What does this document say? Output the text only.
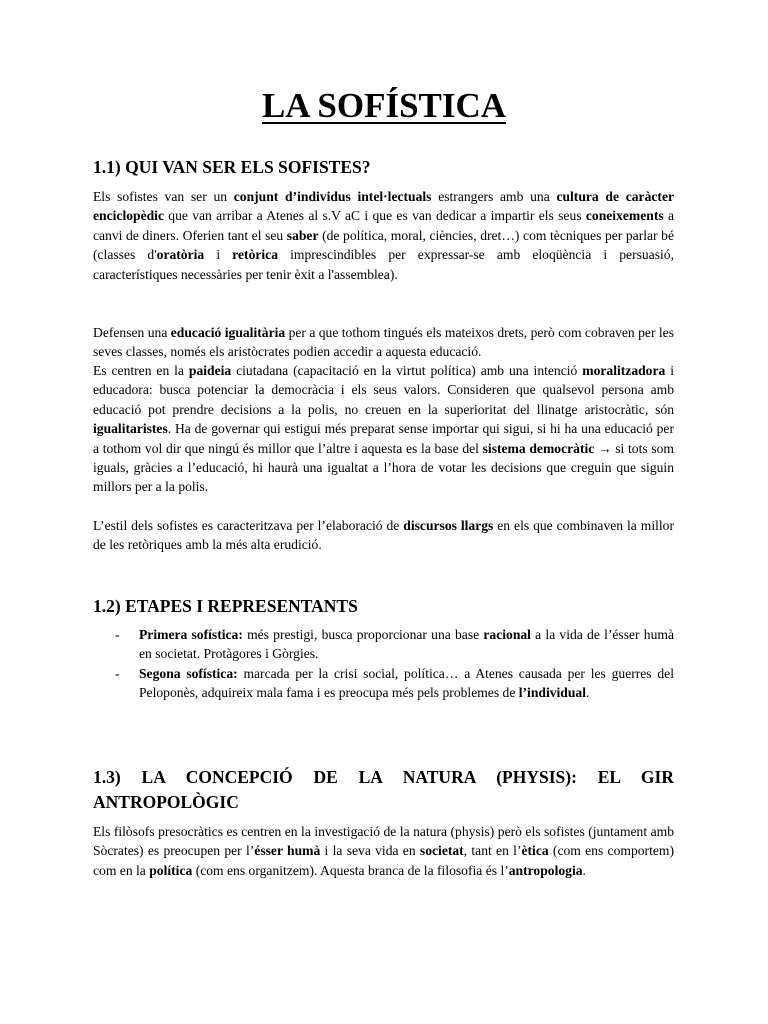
LA SOFÍSTICA
1.1) QUI VAN SER ELS SOFISTES?

Els sofistes van ser un conjunt d’individus intel·lectuals estrangers amb una cultura de caràcter enciclopèdic que van arribar a Atenes al s.V aC i que es van dedicar a impartir els seus coneixements a canvi de diners. Oferien tant el seu saber (de política, moral, ciències, dret…) com tècniques per parlar bé (classes d'oratòria i retòrica imprescindibles per expressar-se amb eloqüència i persuasió, característiques necessàries per tenir èxit a l'assemblea).

Defensen una educació igualitària per a que tothom tingués els mateixos drets, però com cobraven per les seves classes, només els aristòcrates podien accedir a aquesta educació.

Es centren en la paideia ciutadana (capacitació en la virtut política) amb una intenció moralitzadora i educadora: busca potenciar la democràcia i els seus valors. Consideren que qualsevol persona amb educació pot prendre decisions a la polis, no creuen en la superioritat del llinatge aristocràtic, són igualitaristes. Ha de governar qui estigui més preparat sense importar qui sigui, si hi ha una educació per a tothom vol dir que ningú és millor que l’altre i aquesta es la base del sistema democràtic → si tots som iguals, gràcies a l’educació, hi haurà una igualtat a l’hora de votar les decisions que creguin que siguin millors per a la polis.

L’estil dels sofistes es caracteritzava per l’elaboració de discursos llargs en els que combinaven la millor de les retòriques amb la més alta erudició.

1.2) ETAPES I REPRESENTANTS
- Primera sofística: més prestigi, busca proporcionar una base racional a la vida de l’ésser humà en societat. Protàgores i Gòrgies.
- Segona sofística: marcada per la crisi social, política… a Atenes causada per les guerres del Peloponès, adquireix mala fama i es preocupa més pels problemes de l’individual.
1.3) LA CONCEPCIÓ DE LA NATURA (PHYSIS): EL GIR
ANTROPOLÒGIC

Els filòsofs presocràtics es centren en la investigació de la natura (physis) però els sofistes (juntament amb Sòcrates) es preocupen per l’ésser humà i la seva vida en societat, tant en l’ètica (com ens comportem) com en la política (com ens organitzem). Aquesta branca de la filosofia és l’antropologia.
